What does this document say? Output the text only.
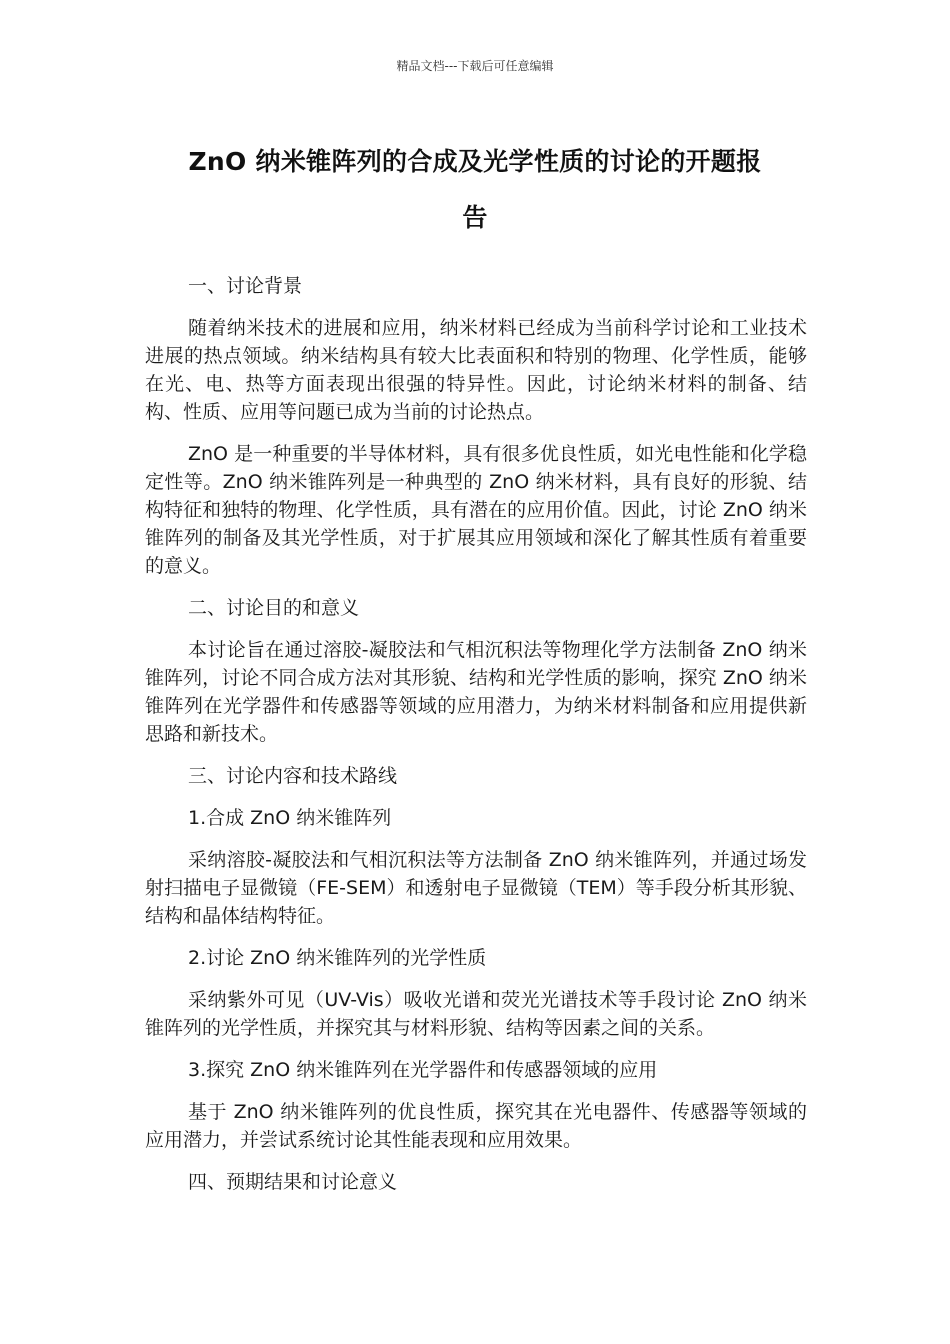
精品文档---下载后可任意编辑
ZnO 纳米锥阵列的合成及光学性质的讨论的开题报
告

一、讨论背景

随着纳米技术的进展和应用，纳米材料已经成为当前科学讨论和工业技术进展的热点领域。纳米结构具有较大比表面积和特别的物理、化学性质，能够在光、电、热等方面表现出很强的特异性。因此，讨论纳米材料的制备、结构、性质、应用等问题已成为当前的讨论热点。

ZnO 是一种重要的半导体材料，具有很多优良性质，如光电性能和化学稳定性等。ZnO 纳米锥阵列是一种典型的 ZnO 纳米材料，具有良好的形貌、结构特征和独特的物理、化学性质，具有潜在的应用价值。因此，讨论 ZnO 纳米锥阵列的制备及其光学性质，对于扩展其应用领域和深化了解其性质有着重要的意义。

二、讨论目的和意义

本讨论旨在通过溶胶-凝胶法和气相沉积法等物理化学方法制备 ZnO 纳米锥阵列，讨论不同合成方法对其形貌、结构和光学性质的影响，探究 ZnO 纳米锥阵列在光学器件和传感器等领域的应用潜力，为纳米材料制备和应用提供新思路和新技术。

三、讨论内容和技术路线

1.合成 ZnO 纳米锥阵列

采纳溶胶-凝胶法和气相沉积法等方法制备 ZnO 纳米锥阵列，并通过场发射扫描电子显微镜（FE-SEM）和透射电子显微镜（TEM）等手段分析其形貌、结构和晶体结构特征。

2.讨论 ZnO 纳米锥阵列的光学性质

采纳紫外可见（UV-Vis）吸收光谱和荧光光谱技术等手段讨论 ZnO 纳米锥阵列的光学性质，并探究其与材料形貌、结构等因素之间的关系。

3.探究 ZnO 纳米锥阵列在光学器件和传感器领域的应用

基于 ZnO 纳米锥阵列的优良性质，探究其在光电器件、传感器等领域的应用潜力，并尝试系统讨论其性能表现和应用效果。

四、预期结果和讨论意义
